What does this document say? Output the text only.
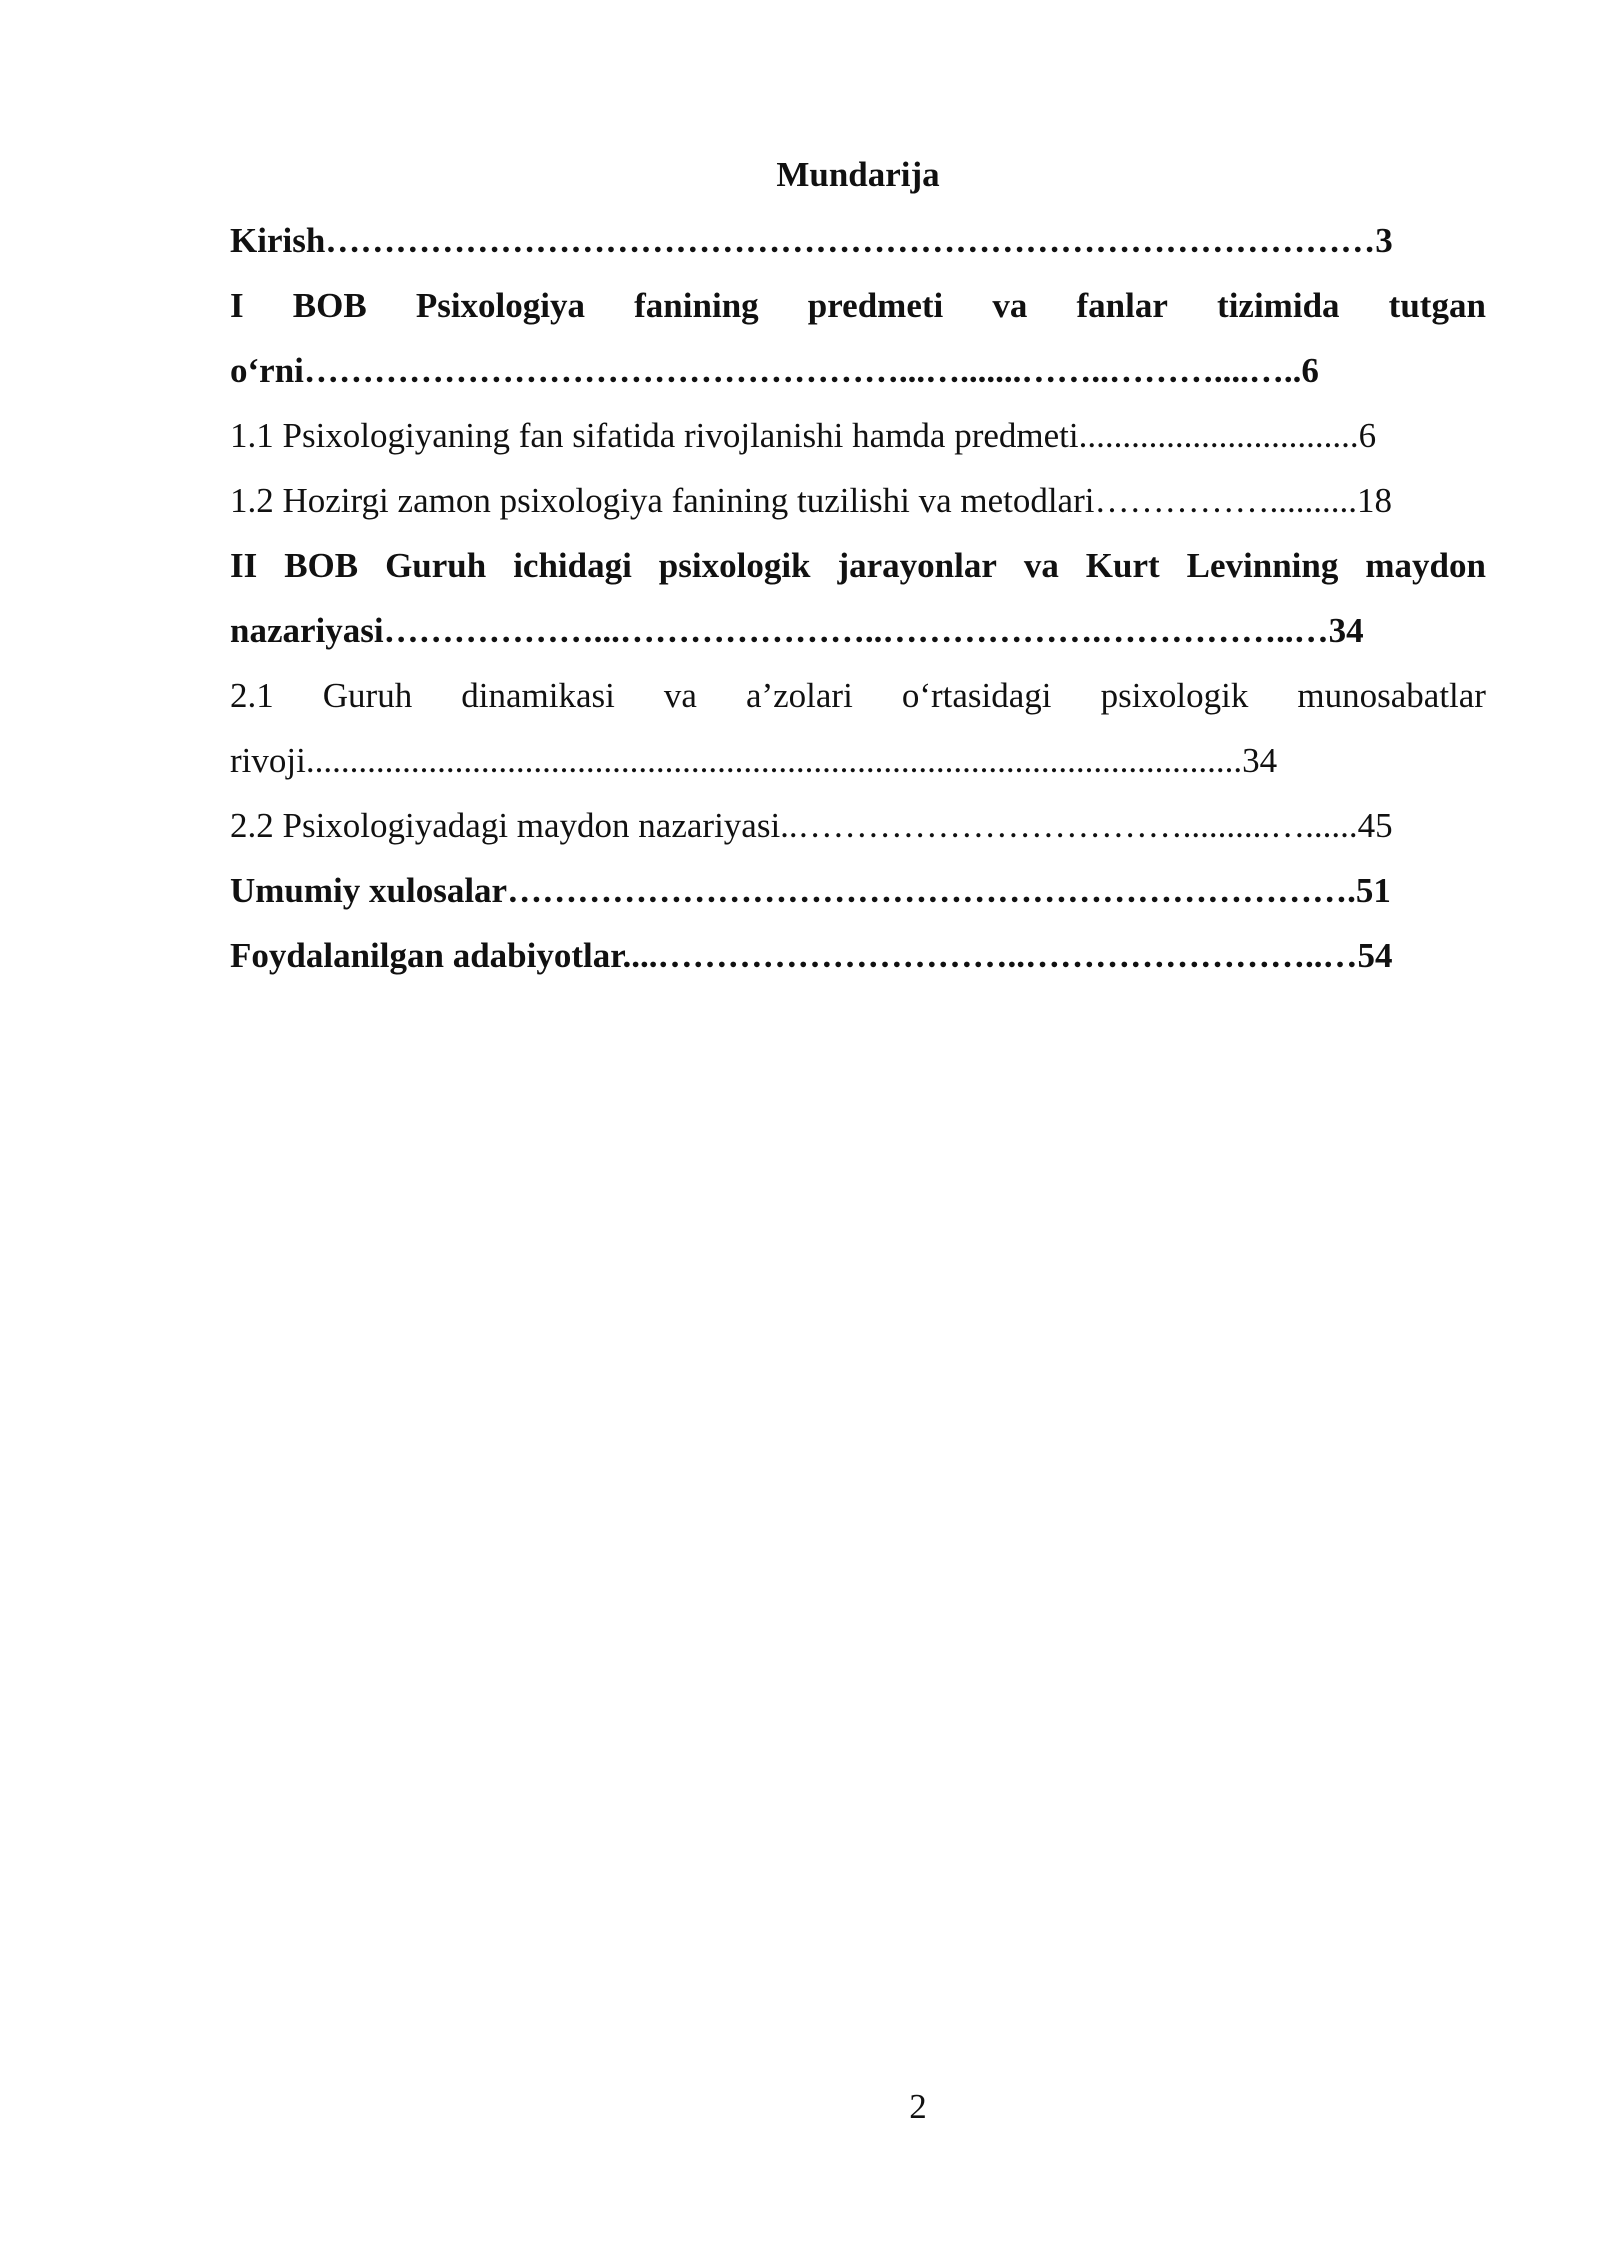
Mundarija
Kirish………………………………………………………………………………3
I BOB Psixologiya fanining predmeti va fanlar tizimida tutgan
o‘rni……………………………………………...….......……..………....…..6
1.1 Psixologiyaning fan sifatida rivojlanishi hamda predmeti................................6
1.2 Hozirgi zamon psixologiya fanining tuzilishi va metodlari……………..........18
II BOB Guruh ichidagi psixologik jarayonlar va Kurt Levinning maydon
nazariyasi………………...…………………..……………….……………..…34
2.1 Guruh dinamikasi va a’zolari o‘rtasidagi psixologik munosabatlar
rivoji...........................................................................................................34
2.2 Psixologiyadagi maydon nazariyasi..……………………………..........…......45
Umumiy xulosalar……………………………………………………………….51
Foydalanilgan adabiyotlar....…………………………..……………………..…54
2
